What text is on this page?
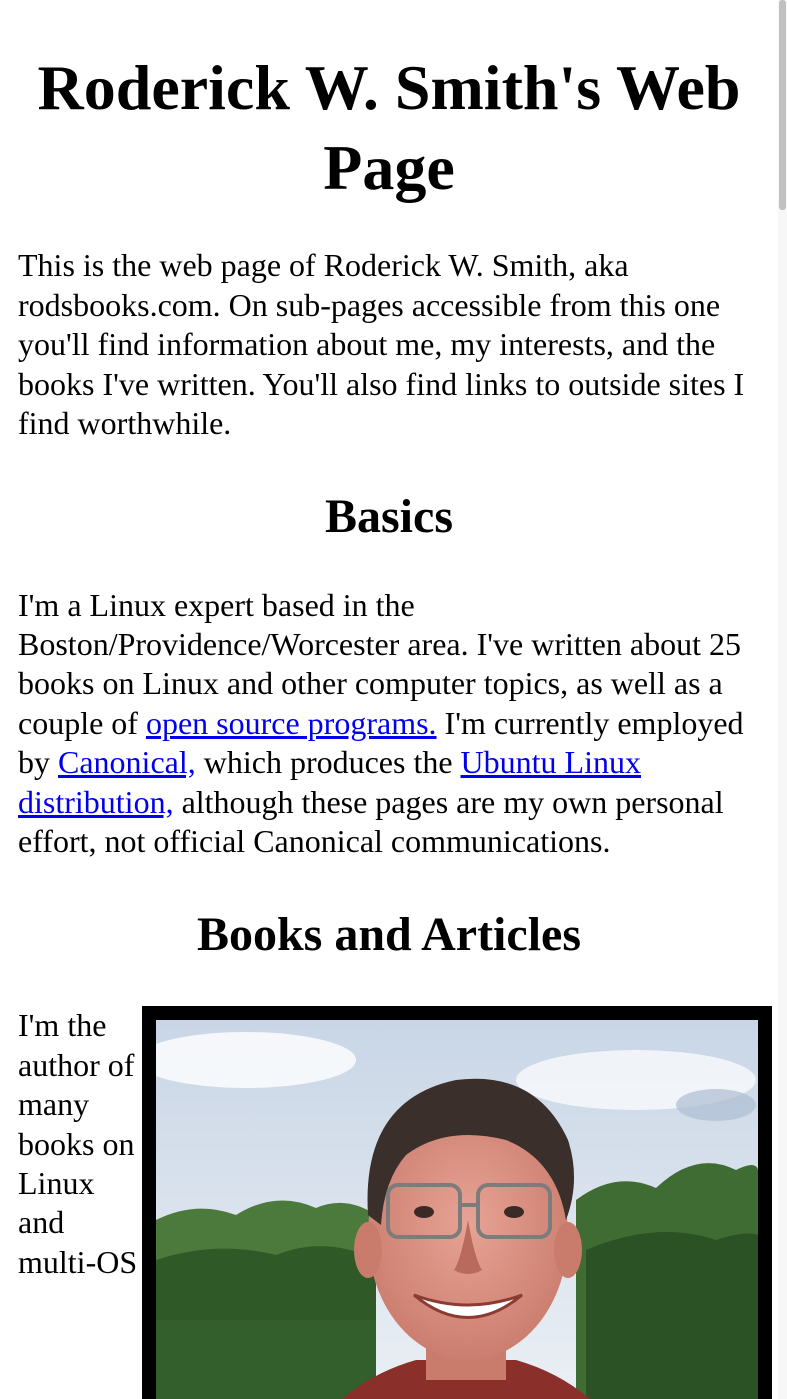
Roderick W. Smith's Web Page

This is the web page of Roderick W. Smith, aka rodsbooks.com. On sub-pages accessible from this one you'll find information about me, my interests, and the books I've written. You'll also find links to outside sites I find worthwhile.

Basics

I'm a Linux expert based in the Boston/Providence/Worcester area. I've written about 25 books on Linux and other computer topics, as well as a couple of open source programs. I'm currently employed by Canonical, which produces the Ubuntu Linux distribution, although these pages are my own personal effort, not official Canonical communications.

Books and Articles

I'm the author of many books on Linux and multi-OS
